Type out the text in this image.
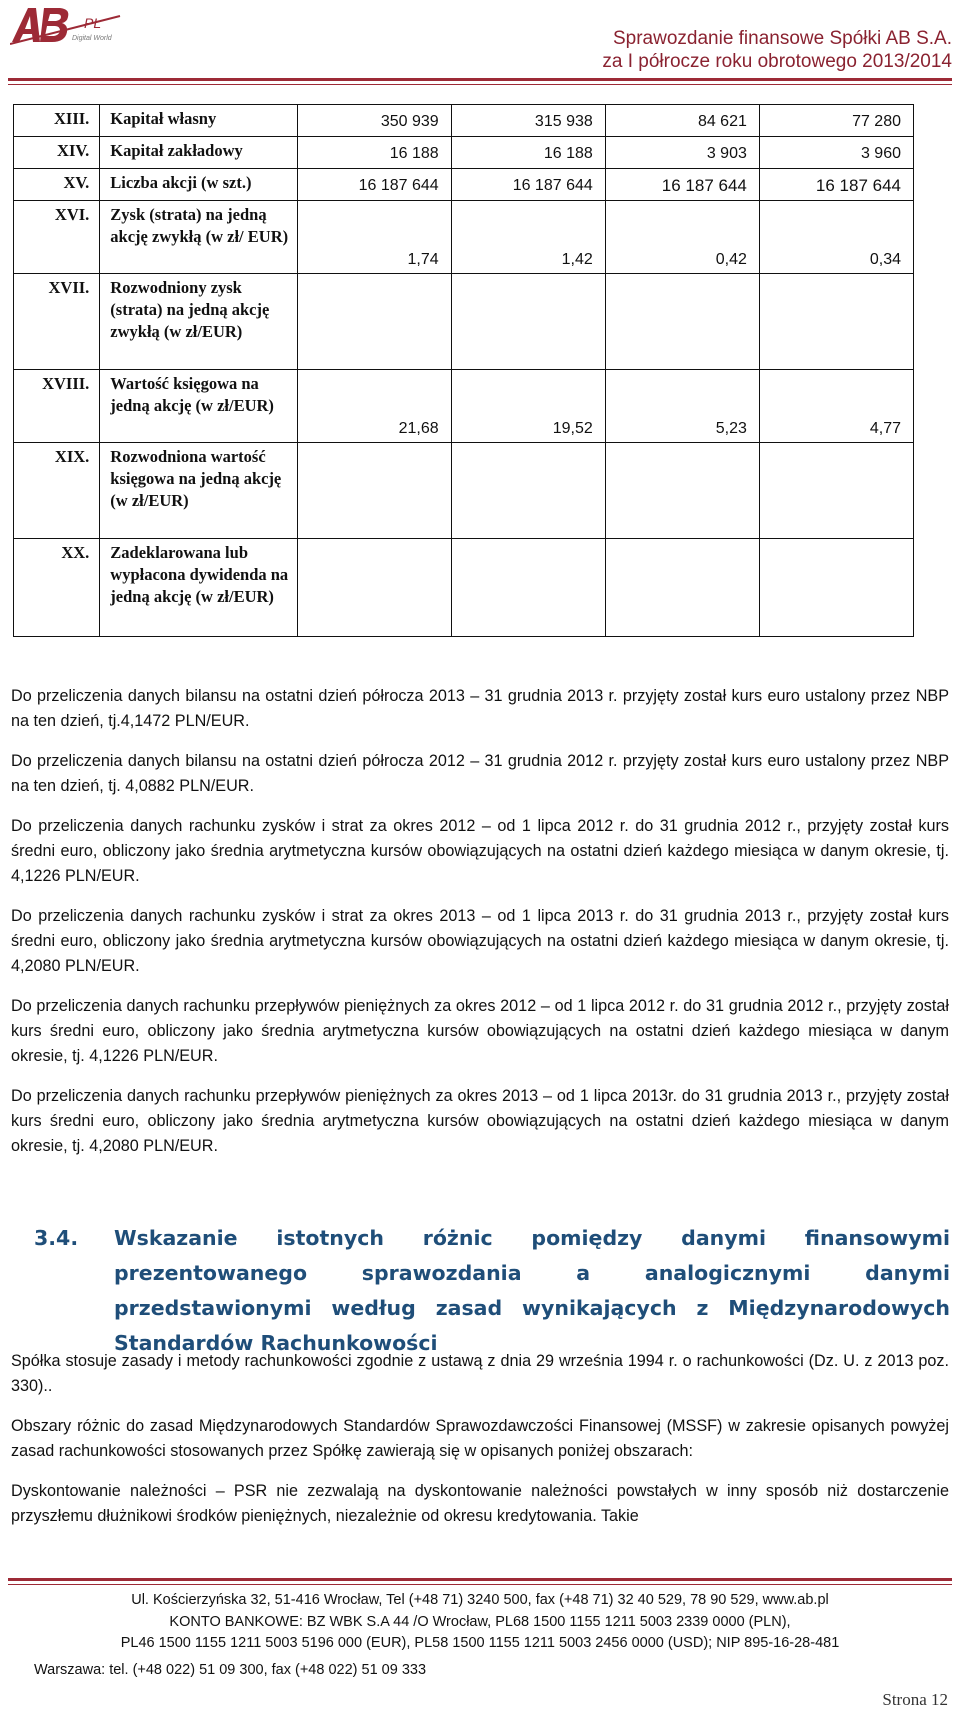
PL
Digital World	Sprawozdanie finansowe Spółki AB S.A.
za I półrocze roku obrotowego 2013/2014
XIII.	Kapitał własny	350 939	315 938	84 621	77 280
XIV.	Kapitał zakładowy	16 188	16 188	3 903	3 960
XV.	Liczba akcji (w szt.)	16 187 644	16 187 644	16 187 644	16 187 644
XVI.	Zysk (strata) na jedną akcję zwykłą (w zł/ EUR)	1,74	1,42	0,42	0,34
XVII.	Rozwodniony zysk (strata) na jedną akcję zwykłą (w zł/EUR)				
XVIII.	Wartość księgowa na jedną akcję (w zł/EUR)	21,68	19,52	5,23	4,77
XIX.	Rozwodniona wartość księgowa na jedną akcję (w zł/EUR)				
XX.	Zadeklarowana lub wypłacona dywidenda na jedną akcję (w zł/EUR)				

Do przeliczenia danych bilansu na ostatni dzień półrocza 2013 – 31 grudnia 2013 r. przyjęty został kurs euro ustalony przez NBP na ten dzień, tj.4,1472 PLN/EUR.

Do przeliczenia danych bilansu na ostatni dzień półrocza 2012 – 31 grudnia 2012 r. przyjęty został kurs euro ustalony przez NBP na ten dzień, tj. 4,0882 PLN/EUR.

Do przeliczenia danych rachunku zysków i strat za okres 2012 – od 1 lipca 2012 r. do 31 grudnia 2012 r., przyjęty został kurs średni euro, obliczony jako średnia arytmetyczna kursów obowiązujących na ostatni dzień każdego miesiąca w danym okresie, tj. 4,1226 PLN/EUR.

Do przeliczenia danych rachunku zysków i strat za okres 2013 – od 1 lipca 2013 r. do 31 grudnia 2013 r., przyjęty został kurs średni euro, obliczony jako średnia arytmetyczna kursów obowiązujących na ostatni dzień każdego miesiąca w danym okresie, tj. 4,2080 PLN/EUR.

Do przeliczenia danych rachunku przepływów pieniężnych za okres 2012 – od 1 lipca 2012 r. do 31 grudnia 2012 r., przyjęty został kurs średni euro, obliczony jako średnia arytmetyczna kursów obowiązujących na ostatni dzień każdego miesiąca w danym okresie, tj. 4,1226 PLN/EUR.

Do przeliczenia danych rachunku przepływów pieniężnych za okres 2013 – od 1 lipca 2013r. do 31 grudnia 2013 r., przyjęty został kurs średni euro, obliczony jako średnia arytmetyczna kursów obowiązujących na ostatni dzień każdego miesiąca w danym okresie, tj. 4,2080 PLN/EUR.

3.4. Wskazanie istotnych różnic pomiędzy danymi finansowymi prezentowanego sprawozdania a analogicznymi danymi przedstawionymi według zasad wynikających z Międzynarodowych Standardów Rachunkowości

Spółka stosuje zasady i metody rachunkowości zgodnie z ustawą z dnia 29 września 1994 r. o rachunkowości (Dz. U. z 2013 poz. 330)..

Obszary różnic do zasad Międzynarodowych Standardów Sprawozdawczości Finansowej (MSSF) w zakresie opisanych powyżej zasad rachunkowości stosowanych przez Spółkę zawierają się w opisanych poniżej obszarach:

Dyskontowanie należności – PSR nie zezwalają na dyskontowanie należności powstałych w inny sposób niż dostarczenie przyszłemu dłużnikowi środków pieniężnych, niezależnie od okresu kredytowania. Takie

Ul. Kościerzyńska 32, 51-416 Wrocław, Tel (+48 71) 3240 500, fax (+48 71) 32 40 529, 78 90 529, www.ab.pl
KONTO BANKOWE: BZ WBK S.A 44 /O Wrocław, PL68 1500 1155 1211 5003 2339 0000 (PLN),
PL46 1500 1155 1211 5003 5196 000 (EUR), PL58 1500 1155 1211 5003 2456 0000 (USD); NIP 895-16-28-481
Warszawa: tel. (+48 022) 51 09 300, fax (+48 022) 51 09 333
Strona 12
